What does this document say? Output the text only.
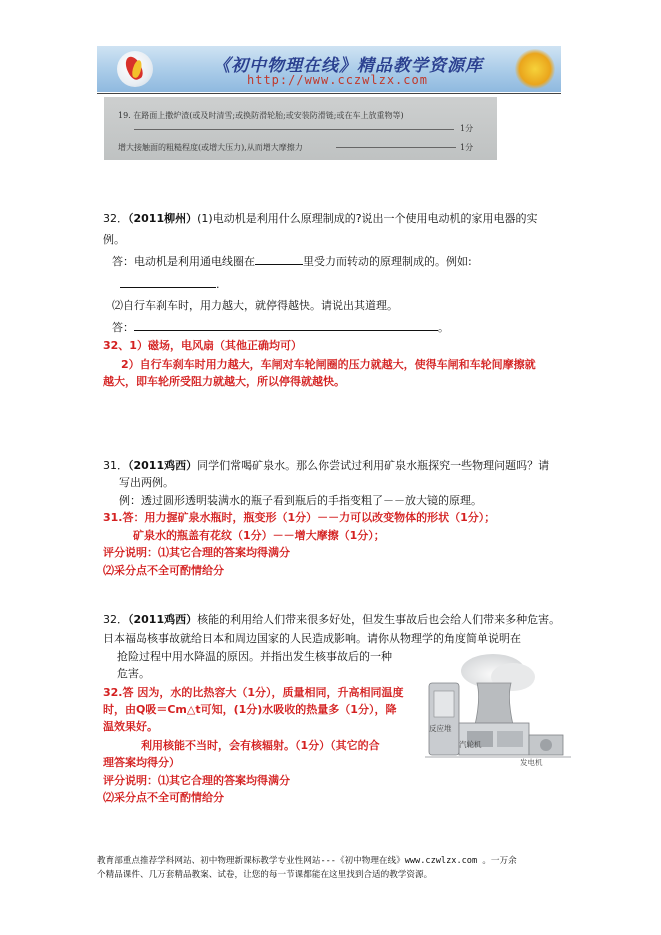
《初中物理在线》精品教学资源库
http://www.cczwlzx.com
19. 在路面上撒炉渣(或及时清雪;或换防滑轮胎;或安装防滑链;或在车上放重物等)
1分
增大接触面的粗糙程度(或增大压力),从而增大摩擦力	1分
32．（2011柳州）(1)电动机是利用什么原理制成的?说出一个使用电动机的家用电器的实
例。
答：电动机是利用通电线圈在	里受力而转动的原理制成的。例如:
.
⑵自行车刹车时，用力越大，就停得越快。请说出其道理。
答：	。
32、1）磁场，电风扇（其他正确均可）
2）自行车刹车时用力越大，车闸对车轮闸圈的压力就越大，使得车闸和车轮间摩擦就
越大，即车轮所受阻力就越大，所以停得就越快。
31．（2011鸡西）同学们常喝矿泉水。那么你尝试过利用矿泉水瓶探究一些物理问题吗？请
写出两例。
例：透过圆形透明装满水的瓶子看到瓶后的手指变粗了－－放大镜的原理。
31.答：用力握矿泉水瓶时，瓶变形（1分）－－力可以改变物体的形状（1分）；
矿泉水的瓶盖有花纹（1分）－－增大摩擦（1分）；
评分说明：⑴其它合理的答案均得满分
⑵采分点不全可酌情给分
32．（2011鸡西）核能的利用给人们带来很多好处，但发生事故后也会给人们带来多种危害。
日本福岛核事故就给日本和周边国家的人民造成影响。请你从物理学的角度简单说明在
抢险过程中用水降温的原因。并指出发生核事故后的一种
危害。
32.答 因为，水的比热容大（1分），质量相同，升高相同温度
时，由Q吸＝Cm△t可知，(1分)水吸收的热量多（1分），降
温效果好。
利用核能不当时，会有核辐射。（1分）（其它的合
理答案均得分）
评分说明：⑴其它合理的答案均得满分
⑵采分点不全可酌情给分
反应堆
汽轮机
发电机
教育部重点推荐学科网站、初中物理新课标教学专业性网站---《初中物理在线》www.czwlzx.com 。一万余
个精品课件、几万套精品教案、试卷，让您的每一节课都能在这里找到合适的教学资源。
